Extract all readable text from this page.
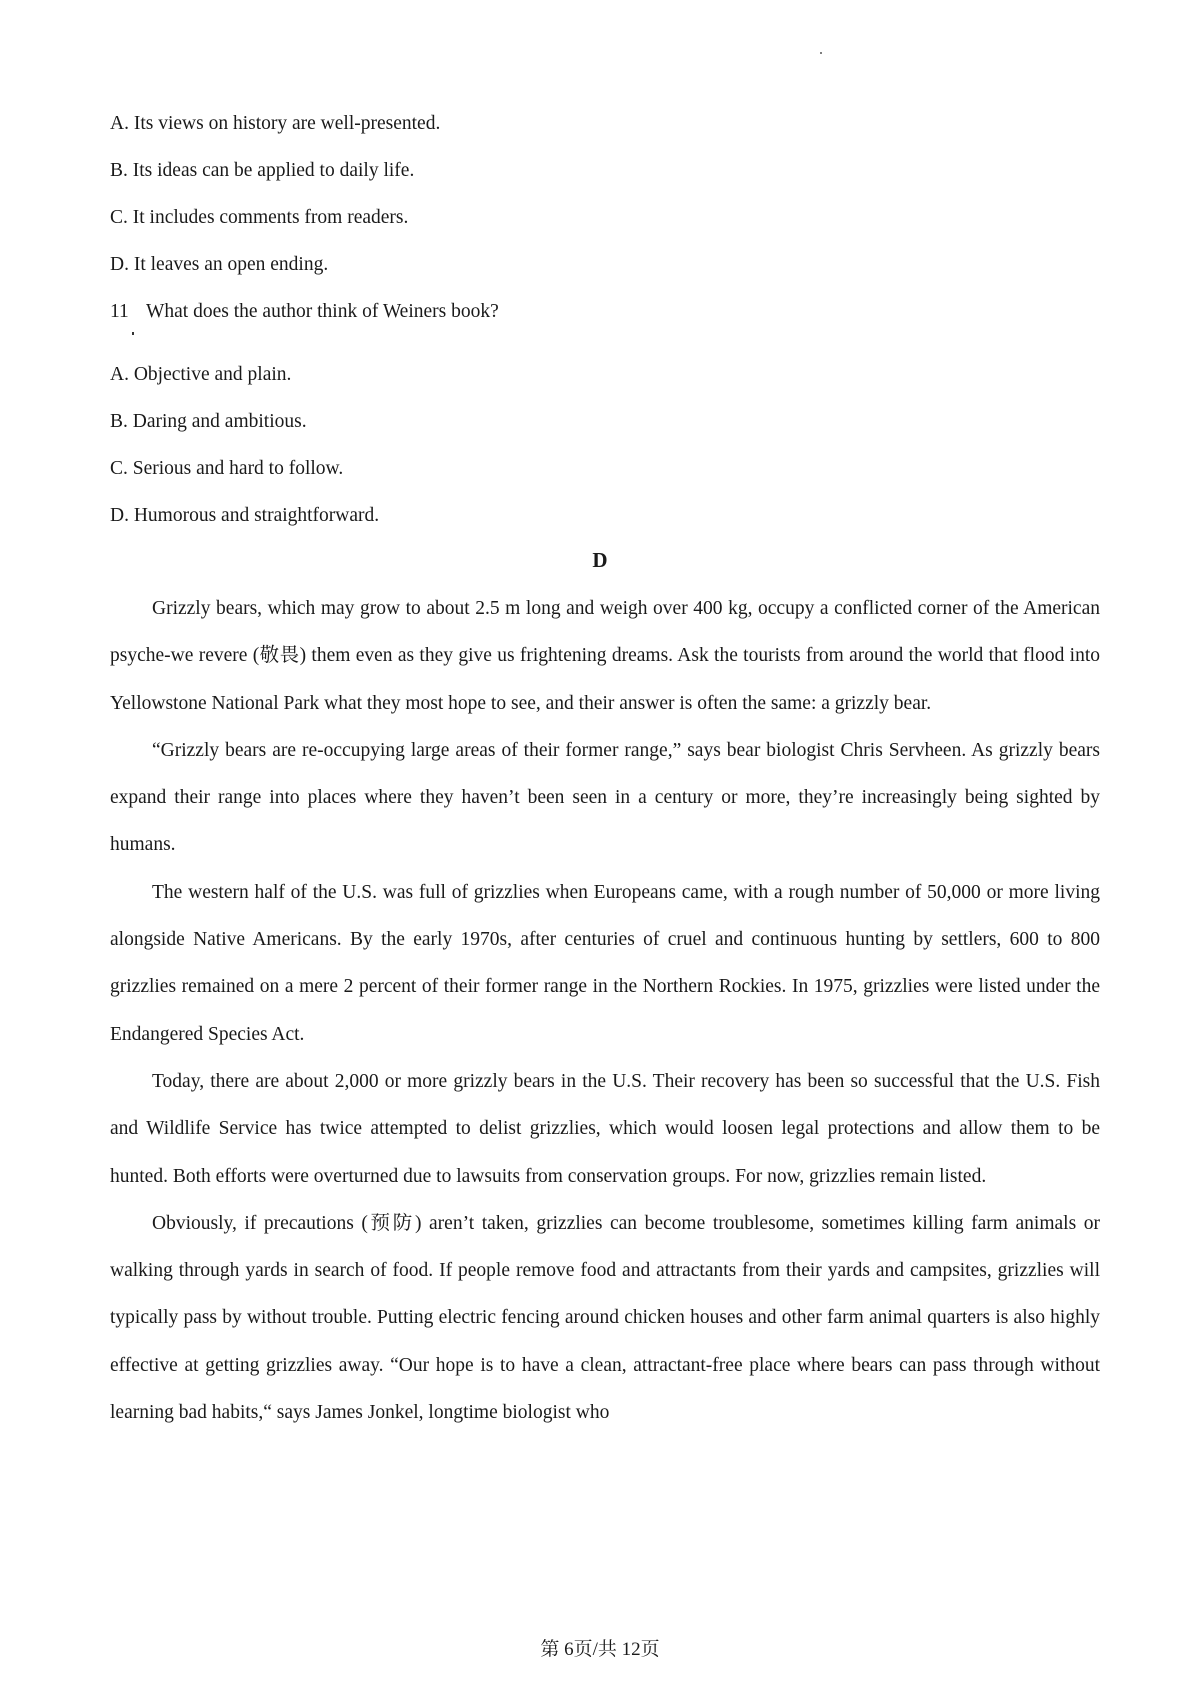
A. Its views on history are well-presented.
B. Its ideas can be applied to daily life.
C. It includes comments from readers.
D. It leaves an open ending.
11 What does the author think of Weiners book?
A. Objective and plain.
B. Daring and ambitious.
C. Serious and hard to follow.
D. Humorous and straightforward.
D

Grizzly bears, which may grow to about 2.5 m long and weigh over 400 kg, occupy a conflicted corner of the American psyche-we revere (敬畏) them even as they give us frightening dreams. Ask the tourists from around the world that flood into Yellowstone National Park what they most hope to see, and their answer is often the same: a grizzly bear.

“Grizzly bears are re-occupying large areas of their former range,” says bear biologist Chris Servheen. As grizzly bears expand their range into places where they haven’t been seen in a century or more, they’re increasingly being sighted by humans.

The western half of the U.S. was full of grizzlies when Europeans came, with a rough number of 50,000 or more living alongside Native Americans. By the early 1970s, after centuries of cruel and continuous hunting by settlers, 600 to 800 grizzlies remained on a mere 2 percent of their former range in the Northern Rockies. In 1975, grizzlies were listed under the Endangered Species Act.

Today, there are about 2,000 or more grizzly bears in the U.S. Their recovery has been so successful that the U.S. Fish and Wildlife Service has twice attempted to delist grizzlies, which would loosen legal protections and allow them to be hunted. Both efforts were overturned due to lawsuits from conservation groups. For now, grizzlies remain listed.

Obviously, if precautions (预防) aren’t taken, grizzlies can become troublesome, sometimes killing farm animals or walking through yards in search of food. If people remove food and attractants from their yards and campsites, grizzlies will typically pass by without trouble. Putting electric fencing around chicken houses and other farm animal quarters is also highly effective at getting grizzlies away. “Our hope is to have a clean, attractant-free place where bears can pass through without learning bad habits,“ says James Jonkel, longtime biologist who

第 6页/共 12页
